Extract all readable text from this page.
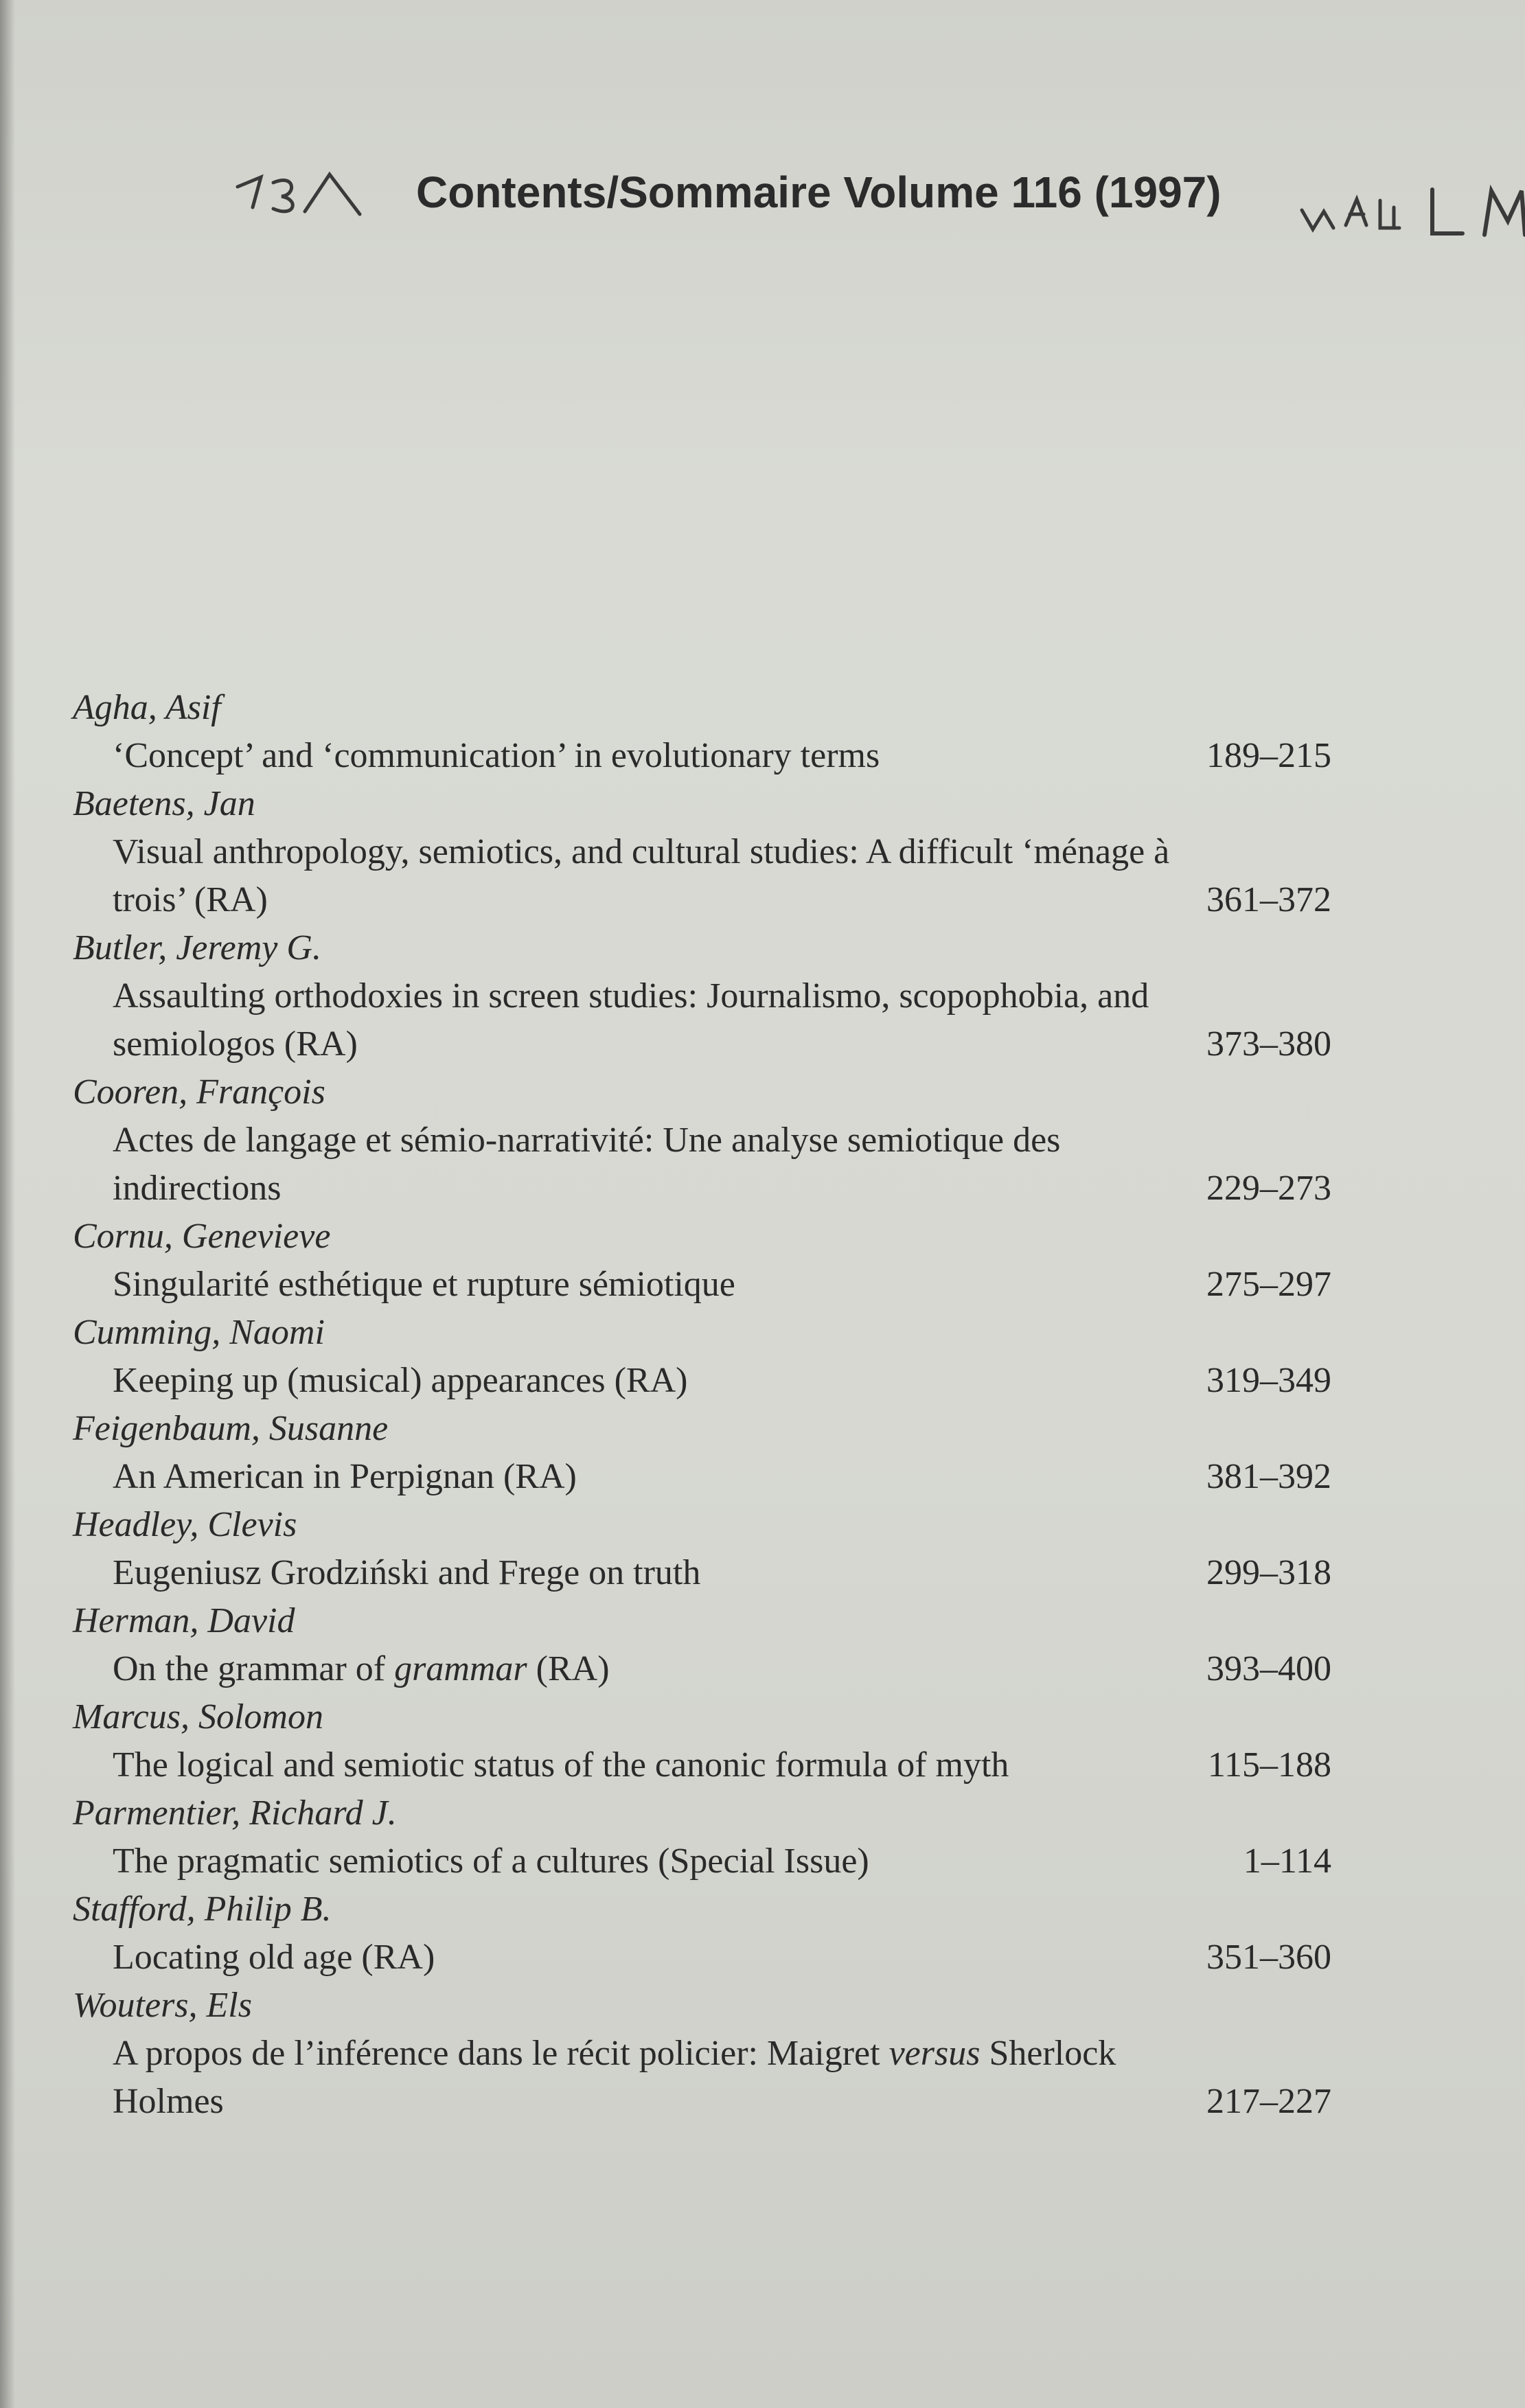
Contents/Sommaire Volume 116 (1997)

Agha, Asif

‘Concept’ and ‘communication’ in evolutionary terms	189–215

Baetens, Jan

Visual anthropology, semiotics, and cultural studies: A difficult ‘ménage à trois’ (RA)	361–372

Butler, Jeremy G.

Assaulting orthodoxies in screen studies: Journalismo, scopophobia, and semiologos (RA)	373–380

Cooren, François

Actes de langage et sémio-narrativité: Une analyse semiotique des indirections	229–273

Cornu, Genevieve

Singularité esthétique et rupture sémiotique	275–297

Cumming, Naomi

Keeping up (musical) appearances (RA)	319–349

Feigenbaum, Susanne

An American in Perpignan (RA)	381–392

Headley, Clevis

Eugeniusz Grodziński and Frege on truth	299–318

Herman, David

On the grammar of grammar (RA)	393–400

Marcus, Solomon

The logical and semiotic status of the canonic formula of myth	115–188

Parmentier, Richard J.

The pragmatic semiotics of a cultures (Special Issue)	1–114

Stafford, Philip B.

Locating old age (RA)	351–360

Wouters, Els

A propos de l’inférence dans le récit policier: Maigret versus Sherlock Holmes	217–227
